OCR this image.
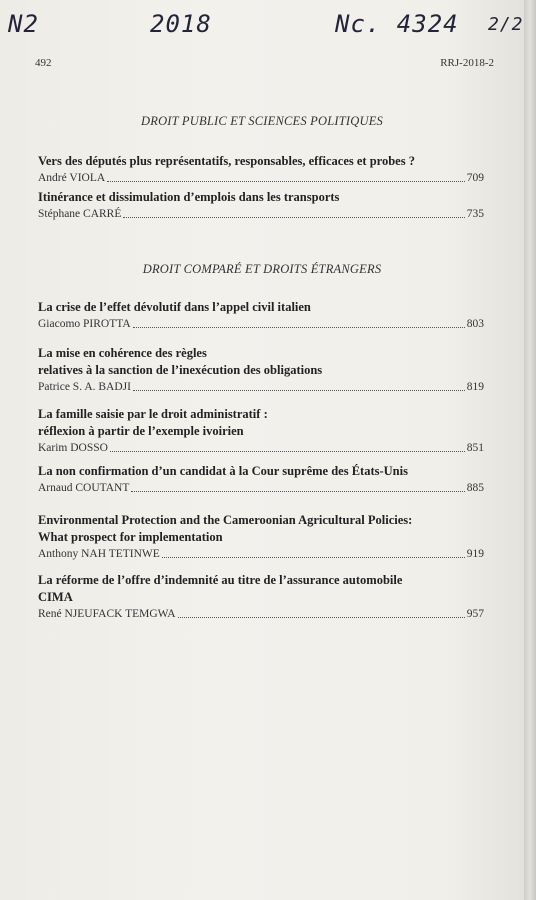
N2	2018	Nc. 4324 2/2
492	RRJ-2018-2
DROIT PUBLIC ET SCIENCES POLITIQUES
Vers des députés plus représentatifs, responsables, efficaces et probes ?
André VIOLA	709
Itinérance et dissimulation d’emplois dans les transports
Stéphane CARRÉ	735
DROIT COMPARÉ ET DROITS ÉTRANGERS
La crise de l’effet dévolutif dans l’appel civil italien
Giacomo PIROTTA	803
La mise en cohérence des règles
relatives à la sanction de l’inexécution des obligations
Patrice S. A. BADJI	819
La famille saisie par le droit administratif :
réflexion à partir de l’exemple ivoirien
Karim DOSSO	851
La non confirmation d’un candidat à la Cour suprême des États-Unis
Arnaud COUTANT	885
Environmental Protection and the Cameroonian Agricultural Policies:
What prospect for implementation
Anthony NAH TETINWE	919
La réforme de l’offre d’indemnité au titre de l’assurance automobile
CIMA
René NJEUFACK TEMGWA	957
